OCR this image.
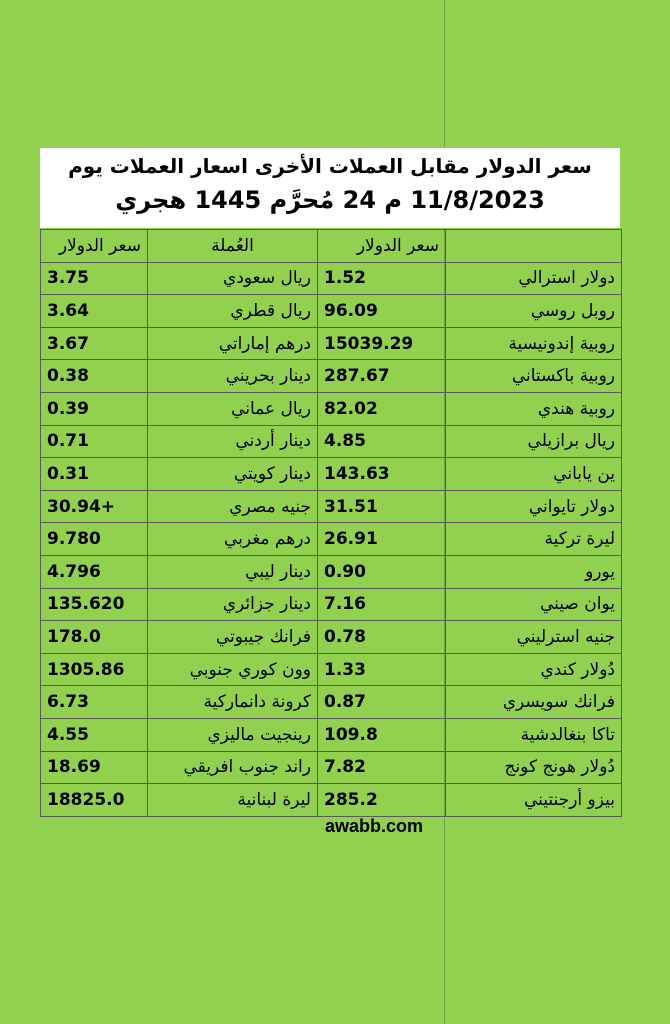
سعر الدولار مقابل العملات الأخرى اسعار العملات يوم
11/8/2023 م 24 مُحرَّم 1445 هجري
سعر الدولار	العُملة	سعر الدولار	
3.75	ريال سعودي	1.52	دولار استرالي
3.64	ريال قطري	96.09	روبل روسي
3.67	درهم إماراتي	15039.29	روبية إندونيسية
0.38	دينار بحريني	287.67	روبية باكستاني
0.39	ريال عماني	82.02	روبية هندي
0.71	دينار أردني	4.85	ريال برازيلي
0.31	دينار كويتي	143.63	ين ياباني
30.94+	جنيه مصري	31.51	دولار تايواني
9.780	درهم مغربي	26.91	ليرة تركية
4.796	دينار ليبي	0.90	يورو
135.620	دينار جزائري	7.16	يوان صيني
178.0	فرانك جيبوتي	0.78	جنيه استرليني
1305.86	وون كوري جنوبي	1.33	دُولار كندي
6.73	كرونة دانماركية	0.87	فرانك سويسري
4.55	رينجيت ماليزي	109.8	تاكا بنغالدشية
18.69	راند جنوب افريقي	7.82	دُولار هونج كونج
18825.0	ليرة لبنانية	285.2	بيزو أرجنتيني
awabb.com
